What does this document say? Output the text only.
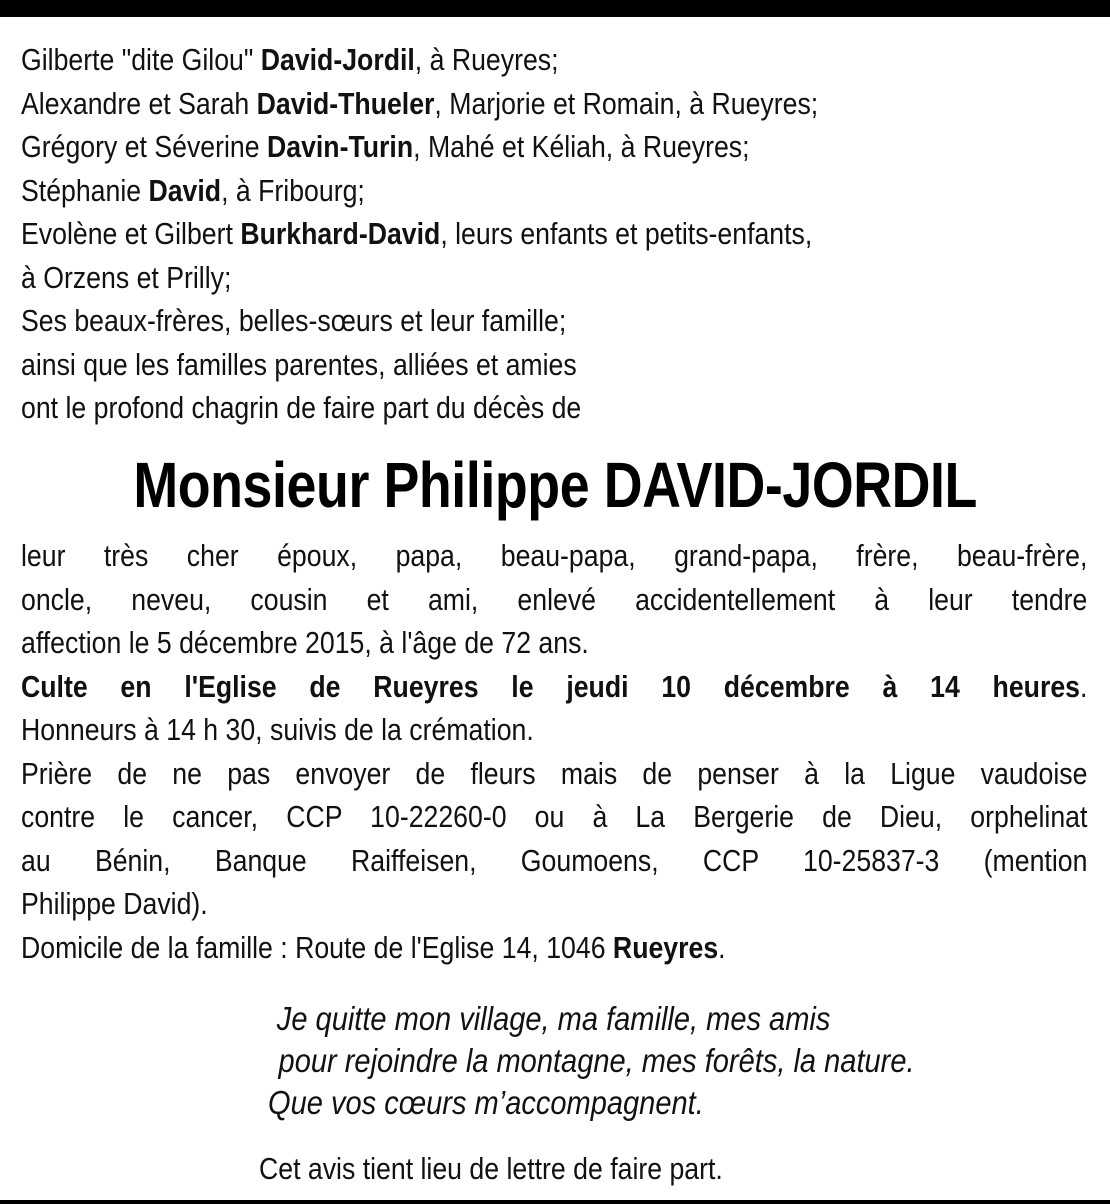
Gilberte "dite Gilou" David-Jordil, à Rueyres;
Alexandre et Sarah David-Thueler, Marjorie et Romain, à Rueyres;
Grégory et Séverine Davin-Turin, Mahé et Kéliah, à Rueyres;
Stéphanie David, à Fribourg;
Evolène et Gilbert Burkhard-David, leurs enfants et petits-enfants,
à Orzens et Prilly;
Ses beaux-frères, belles-sœurs et leur famille;
ainsi que les familles parentes, alliées et amies
ont le profond chagrin de faire part du décès de
Monsieur Philippe DAVID-JORDIL
leur très cher époux, papa, beau-papa, grand-papa, frère, beau-frère,
oncle, neveu, cousin et ami, enlevé accidentellement à leur tendre
affection le 5 décembre 2015, à l'âge de 72 ans.
Culte en l'Eglise de Rueyres le jeudi 10 décembre à 14 heures.
Honneurs à 14 h 30, suivis de la crémation.
Prière de ne pas envoyer de fleurs mais de penser à la Ligue vaudoise
contre le cancer, CCP 10-22260-0 ou à La Bergerie de Dieu, orphelinat
au Bénin, Banque Raiffeisen, Goumoens, CCP 10-25837-3 (mention
Philippe David).
Domicile de la famille : Route de l'Eglise 14, 1046 Rueyres.
Je quitte mon village, ma famille, mes amis
pour rejoindre la montagne, mes forêts, la nature.
Que vos cœurs m’accompagnent.
Cet avis tient lieu de lettre de faire part.
